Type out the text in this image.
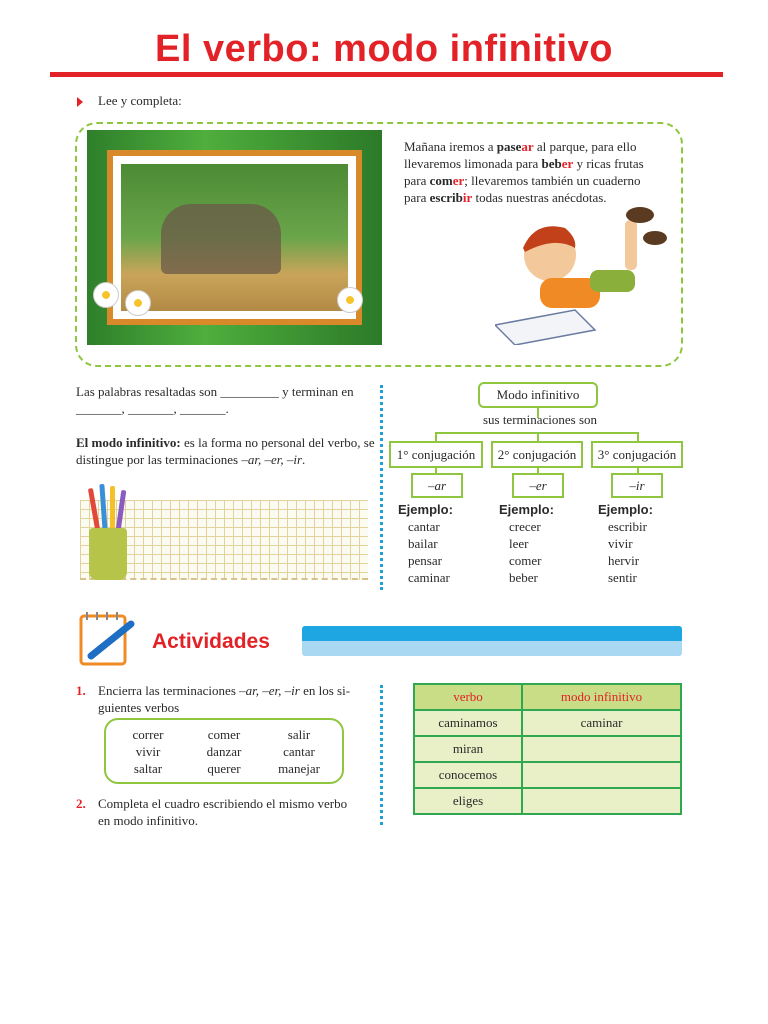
El verbo: modo infinitivo
Lee y completa:
Mañana iremos a pasear al parque, para ello llevaremos limonada para beber y ricas frutas para comer; llevaremos también un cuaderno para escribir todas nuestras anécdotas.
Las palabras resaltadas son _________ y terminan en
_______, _______, _______.
El modo infinitivo: es la forma no personal del verbo, se distingue por las terminaciones –ar, –er, –ir.
Modo infinitivo
sus terminaciones son
1° conjugación	2° conjugación	3° conjugación
–ar	–er	–ir
Ejemplo:
cantar
bailar
pensar
caminar
Ejemplo:
crecer
leer
comer
beber
Ejemplo:
escribir
vivir
hervir
sentir
Actividades
1. Encierra las terminaciones –ar, –er, –ir en los si-
guientes verbos
correr	comer	salir
vivir	danzar	cantar
saltar	querer	manejar
2. Completa el cuadro escribiendo el mismo verbo
en modo infinitivo.
verbo	modo infinitivo
caminamos	caminar
miran	
conocemos	
eliges	
